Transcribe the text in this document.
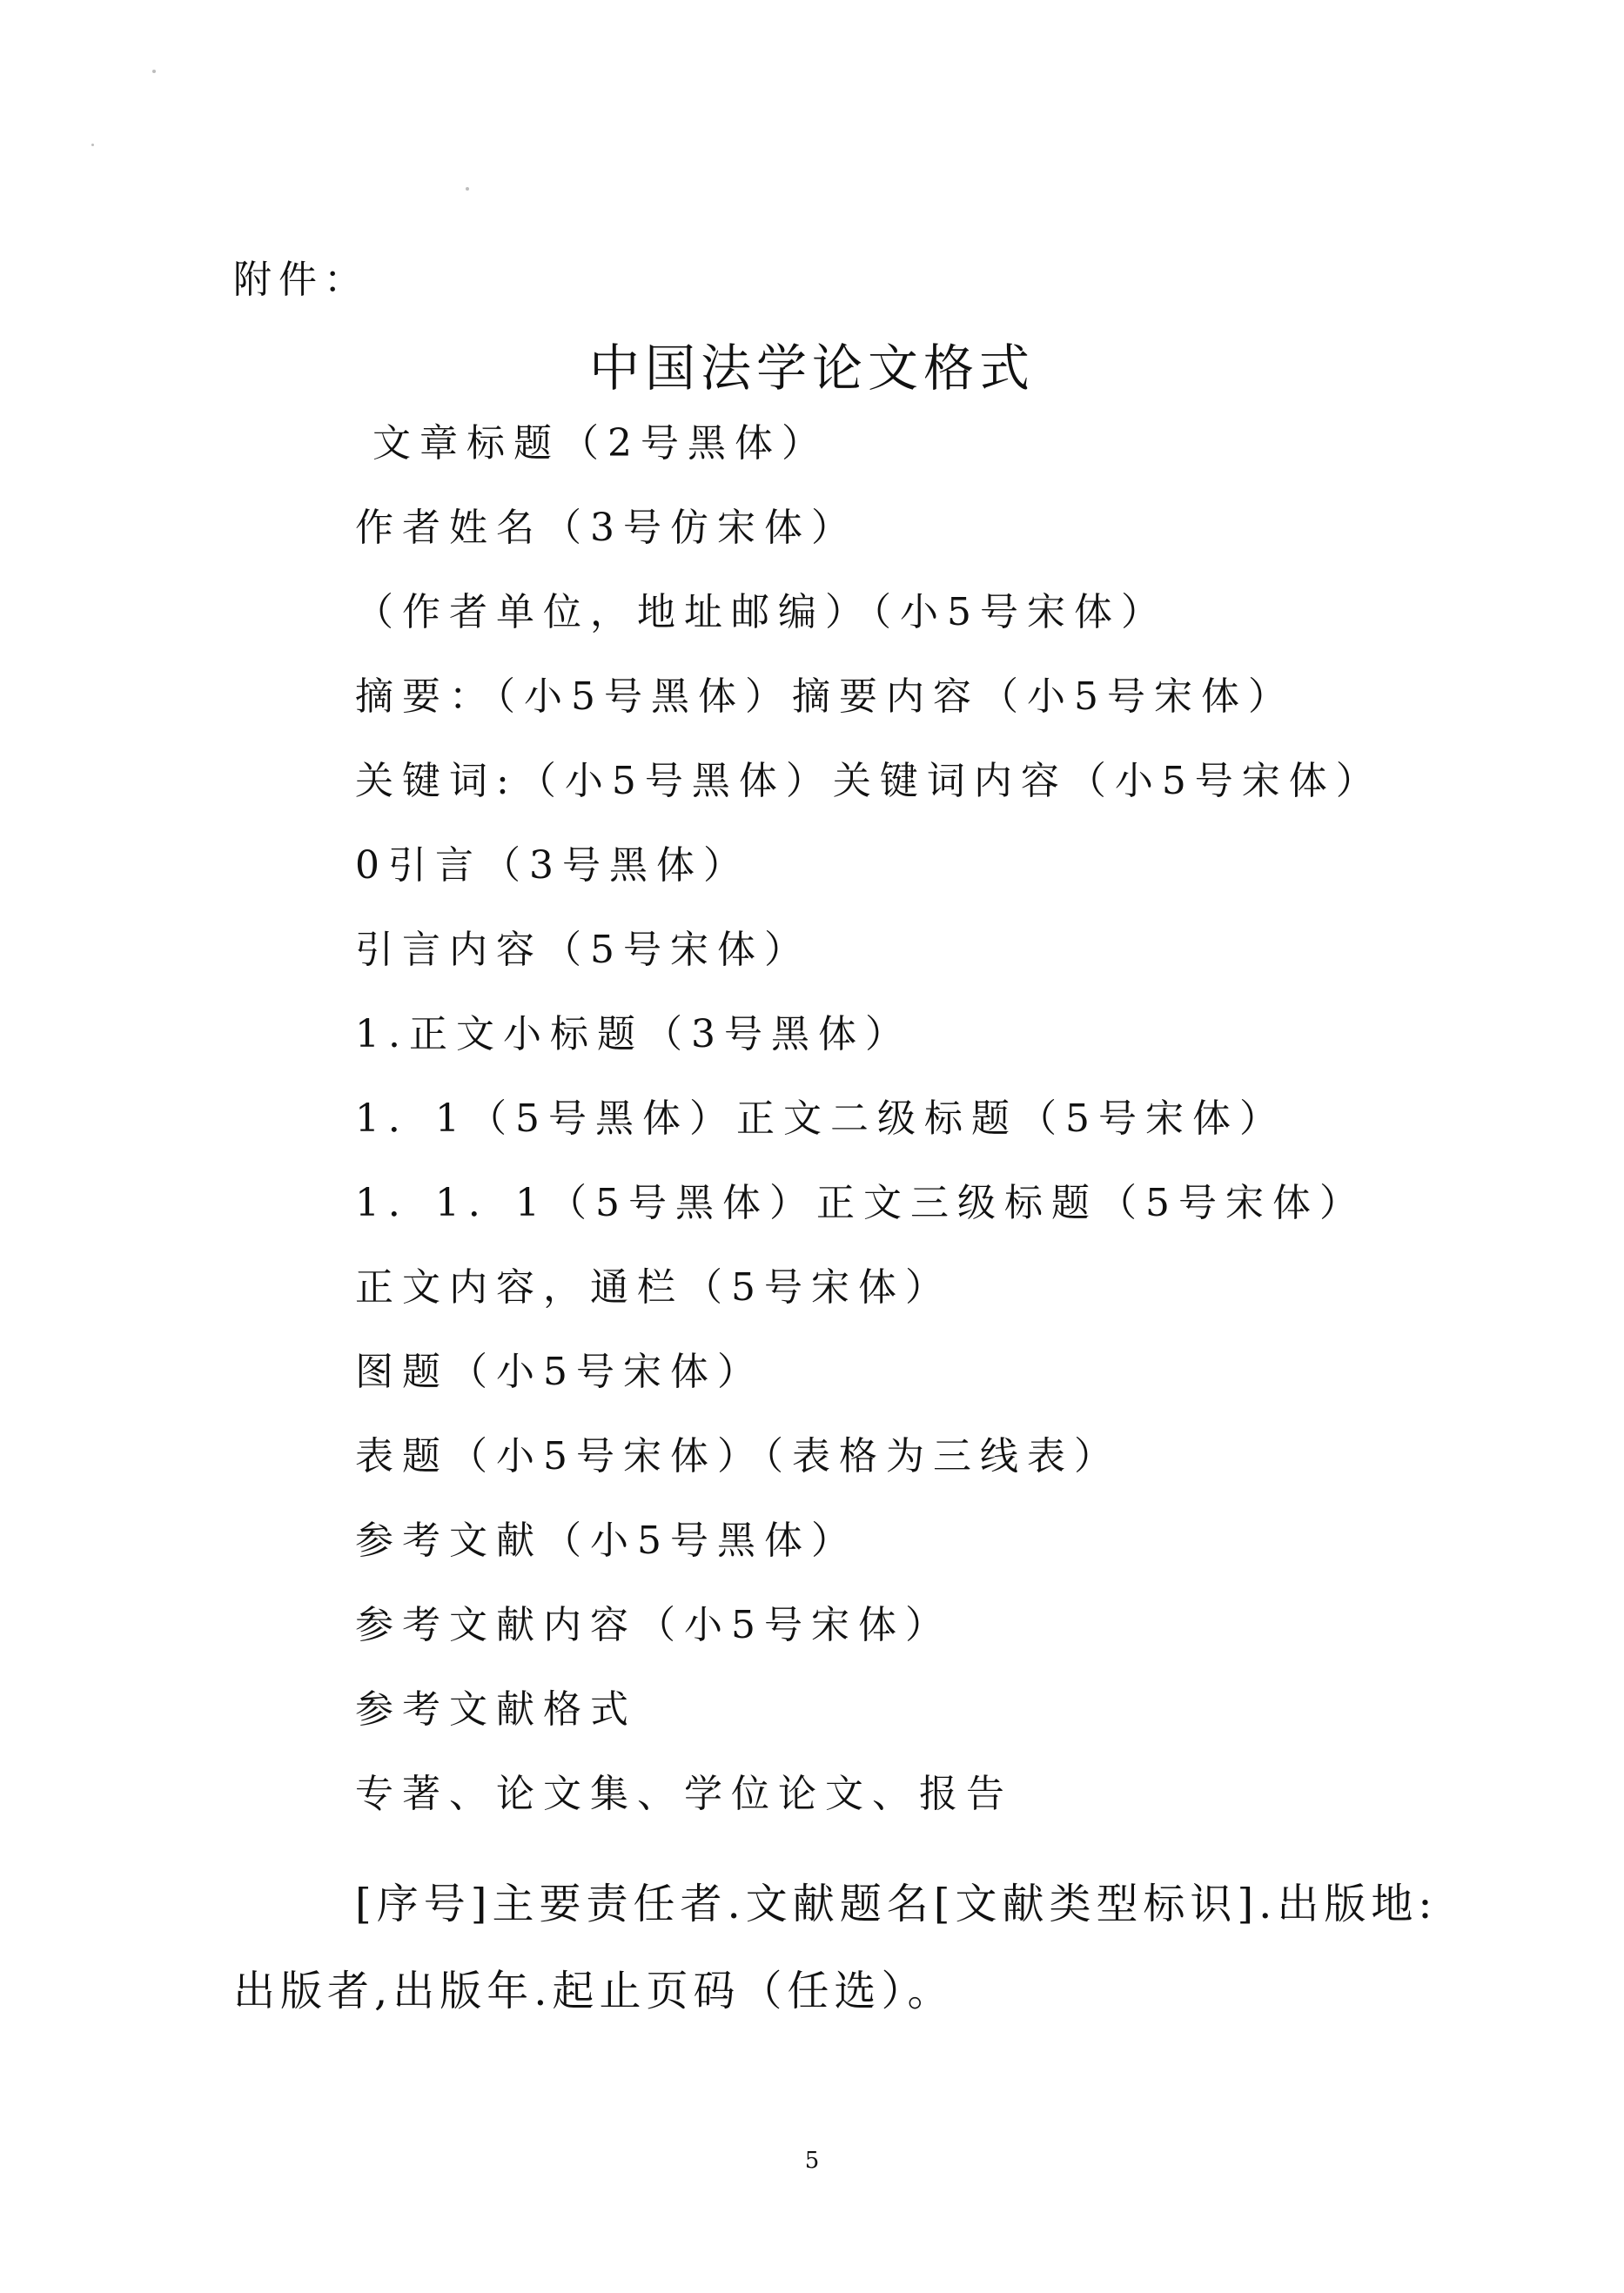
附件：
中国法学论文格式
文章标题（2号黑体）
作者姓名（3号仿宋体）
（作者单位，地址邮编）（小5号宋体）
摘要：（小5号黑体）摘要内容（小5号宋体）
关键词:（小5号黑体）关键词内容（小5号宋体）
0引言（3号黑体）
引言内容（5号宋体）
1.正文小标题（3号黑体）
1．1（5号黑体）正文二级标题（5号宋体）
1．1．1（5号黑体）正文三级标题（5号宋体）
正文内容，通栏（5号宋体）
图题（小5号宋体）
表题（小5号宋体）（表格为三线表）
参考文献（小5号黑体）
参考文献内容（小5号宋体）
参考文献格式
专著、论文集、学位论文、报告

[序号]主要责任者.文献题名[文献类型标识].出版地:出版者,出版年.起止页码（任选）。

5
